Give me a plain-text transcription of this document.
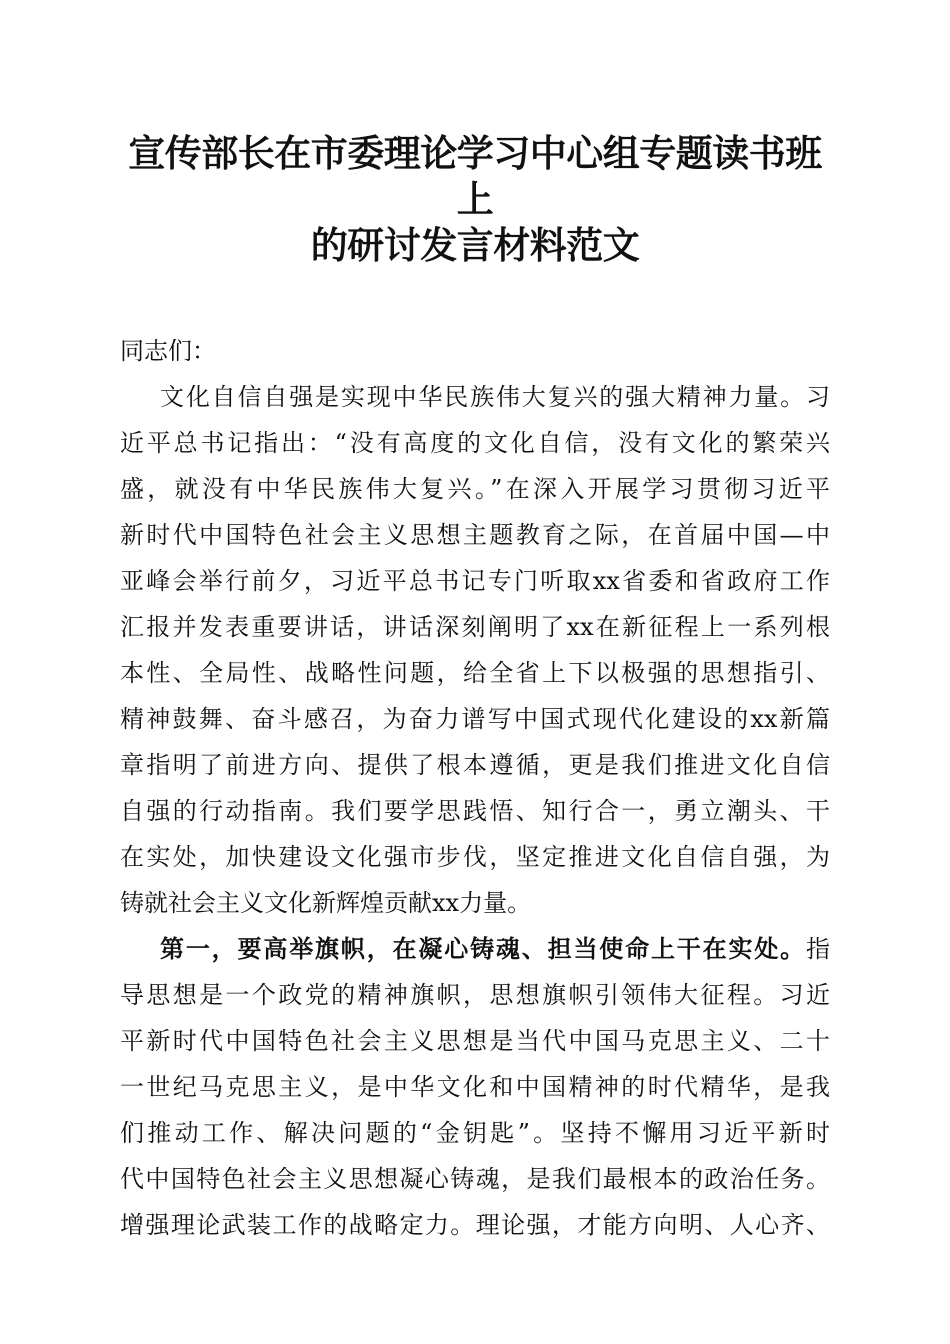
宣传部长在市委理论学习中心组专题读书班上
的研讨发言材料范文
同志们：
文化自信自强是实现中华民族伟大复兴的强大精神力量。习
近平总书记指出：“没有高度的文化自信，没有文化的繁荣兴
盛，就没有中华民族伟大复兴。”在深入开展学习贯彻习近平
新时代中国特色社会主义思想主题教育之际，在首届中国—中
亚峰会举行前夕，习近平总书记专门听取xx省委和省政府工作
汇报并发表重要讲话，讲话深刻阐明了xx在新征程上一系列根
本性、全局性、战略性问题，给全省上下以极强的思想指引、
精神鼓舞、奋斗感召，为奋力谱写中国式现代化建设的xx新篇
章指明了前进方向、提供了根本遵循，更是我们推进文化自信
自强的行动指南。我们要学思践悟、知行合一，勇立潮头、干
在实处，加快建设文化强市步伐，坚定推进文化自信自强，为
铸就社会主义文化新辉煌贡献xx力量。
第一，要高举旗帜，在凝心铸魂、担当使命上干在实处。指
导思想是一个政党的精神旗帜，思想旗帜引领伟大征程。习近
平新时代中国特色社会主义思想是当代中国马克思主义、二十
一世纪马克思主义，是中华文化和中国精神的时代精华，是我
们推动工作、解决问题的“金钥匙”。坚持不懈用习近平新时
代中国特色社会主义思想凝心铸魂，是我们最根本的政治任务。
增强理论武装工作的战略定力。理论强，才能方向明、人心齐、
